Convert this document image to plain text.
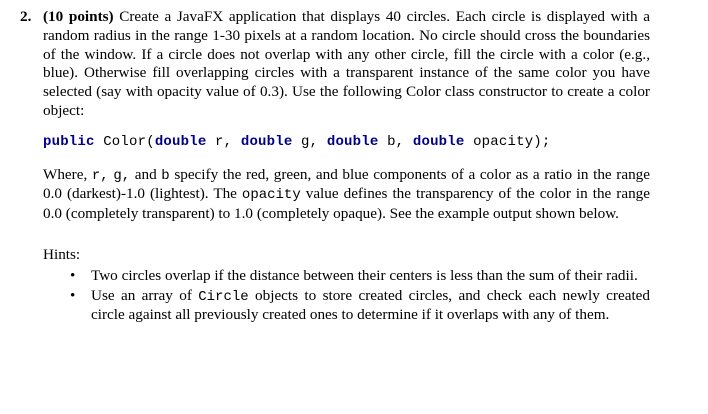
2. (10 points) Create a JavaFX application that displays 40 circles. Each circle is displayed with a random radius in the range 1-30 pixels at a random location. No circle should cross the boundaries of the window. If a circle does not overlap with any other circle, fill the circle with a color (e.g., blue). Otherwise fill overlapping circles with a transparent instance of the same color you have selected (say with opacity value of 0.3). Use the following Color class constructor to create a color object:
public Color(double r, double g, double b, double opacity);
Where, r, g, and b specify the red, green, and blue components of a color as a ratio in the range 0.0 (darkest)-1.0 (lightest). The opacity value defines the transparency of the color in the range 0.0 (completely transparent) to 1.0 (completely opaque). See the example output shown below.
Hints:
• Two circles overlap if the distance between their centers is less than the sum of their radii.
• Use an array of Circle objects to store created circles, and check each newly created circle against all previously created ones to determine if it overlaps with any of them.
